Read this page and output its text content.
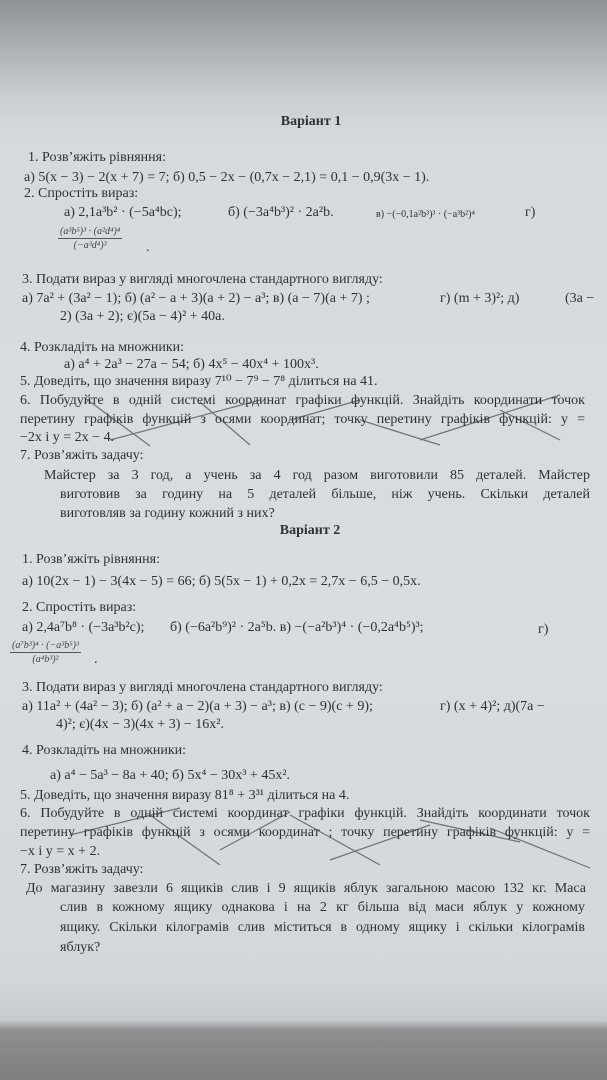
Варіант 1
$\frac{\text{(a³b⁵)³ · (a²d⁴)⁴}}{\text{(−a³d⁴)³}}$ .
Варіант 2
$\frac{\text{(a⁷b³)⁴ · (−a³b⁵)³}}{\text{(a⁴b³)²}}$ .
1. Розв’яжіть рівняння:
а) 5(x − 3) − 2(x + 7) = 7; б) 0,5 − 2x − (0,7x − 2,1) = 0,1 − 0,9(3x − 1).
2. Спростіть вираз:
а) 2,1a³b² · (−5a⁴bc);	б) (−3a⁴b³)² · 2a²b.	в) −(−0,1a²b³)³ · (−a³b²)⁴	г)
3. Подати вираз у вигляді многочлена стандартного вигляду:
а) 7a² + (3a² − 1); б) (a² − a + 3)(a + 2) − a³; в) (a − 7)(a + 7) ;	г) (m + 3)²; д)	(3a −
2) (3a + 2); є)(5a − 4)² + 40a.
4. Розкладіть на множники:
а) a⁴ + 2a³ − 27a − 54; б) 4x⁵ − 40x⁴ + 100x³.
5. Доведіть, що значення виразу 7¹⁰ − 7⁹ − 7⁸ ділиться на 41.
6. Побудуйте в одній системі координат графіки функцій. Знайдіть координати точок
перетину графіків функцій з осями координат; точку перетину графіків функцій: y =
−2x і y = 2x − 4.
7. Розв’яжіть задачу:
Майстер за 3 год, а учень за 4 год разом виготовили 85 деталей. Майстер
виготовив за годину на 5 деталей більше, ніж учень. Скільки деталей
виготовляв за годину кожний з них?
1. Розв’яжіть рівняння:
а) 10(2x − 1) − 3(4x − 5) = 66; б) 5(5x − 1) + 0,2x = 2,7x − 6,5 − 0,5x.
2. Спростіть вираз:
а) 2,4a⁷b⁸ · (−3a³b²c); б) (−6a²b⁹)² · 2a⁵b. в) −(−a²b³)⁴ · (−0,2a⁴b⁵)³;	г)
3. Подати вираз у вигляді многочлена стандартного вигляду:
а) 11a² + (4a² − 3); б) (a² + a − 2)(a + 3) − a³; в) (c − 9)(c + 9);	г) (x + 4)²; д)(7a −
4)²; є)(4x − 3)(4x + 3) − 16x².
4. Розкладіть на множники:
а) a⁴ − 5a³ − 8a + 40; б) 5x⁴ − 30x³ + 45x².
5. Доведіть, що значення виразу 81⁸ + 3³¹ ділиться на 4.
6. Побудуйте в одній системі координат графіки функцій. Знайдіть координати точок
перетину графіків функцій з осями координат ; точку перетину графіків функцій: y =
−x і y = x + 2.
7. Розв’яжіть задачу:
До магазину завезли 6 ящиків слив і 9 ящиків яблук загальною масою 132 кг. Маса
слив в кожному ящику однакова і на 2 кг більша від маси яблук у кожному
ящику. Скільки кілограмів слив міститься в одному ящику і скільки кілограмів
яблук?
